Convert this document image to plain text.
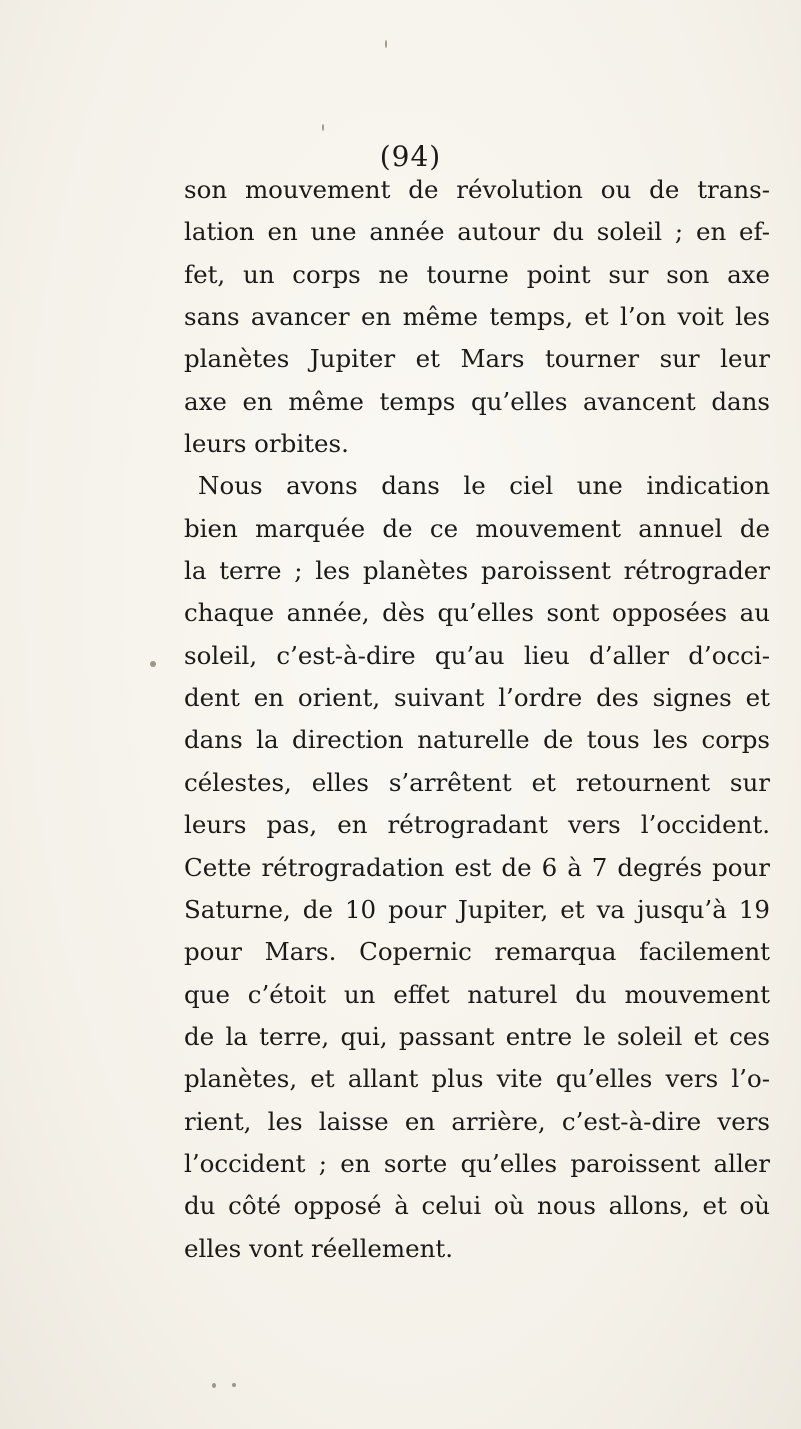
(94)
son mouvement de révolution ou de trans-
lation en une année autour du soleil ; en ef-
fet, un corps ne tourne point sur son axe
sans avancer en même temps, et l’on voit les
planètes Jupiter et Mars tourner sur leur
axe en même temps qu’elles avancent dans
leurs orbites.
Nous avons dans le ciel une indication
bien marquée de ce mouvement annuel de
la terre ; les planètes paroissent rétrograder
chaque année, dès qu’elles sont opposées au
soleil, c’est-à-dire qu’au lieu d’aller d’occi-
dent en orient, suivant l’ordre des signes et
dans la direction naturelle de tous les corps
célestes, elles s’arrêtent et retournent sur
leurs pas, en rétrogradant vers l’occident.
Cette rétrogradation est de 6 à 7 degrés pour
Saturne, de 10 pour Jupiter, et va jusqu’à 19
pour Mars. Copernic remarqua facilement
que c’étoit un effet naturel du mouvement
de la terre, qui, passant entre le soleil et ces
planètes, et allant plus vite qu’elles vers l’o-
rient, les laisse en arrière, c’est-à-dire vers
l’occident ; en sorte qu’elles paroissent aller
du côté opposé à celui où nous allons, et où
elles vont réellement.
